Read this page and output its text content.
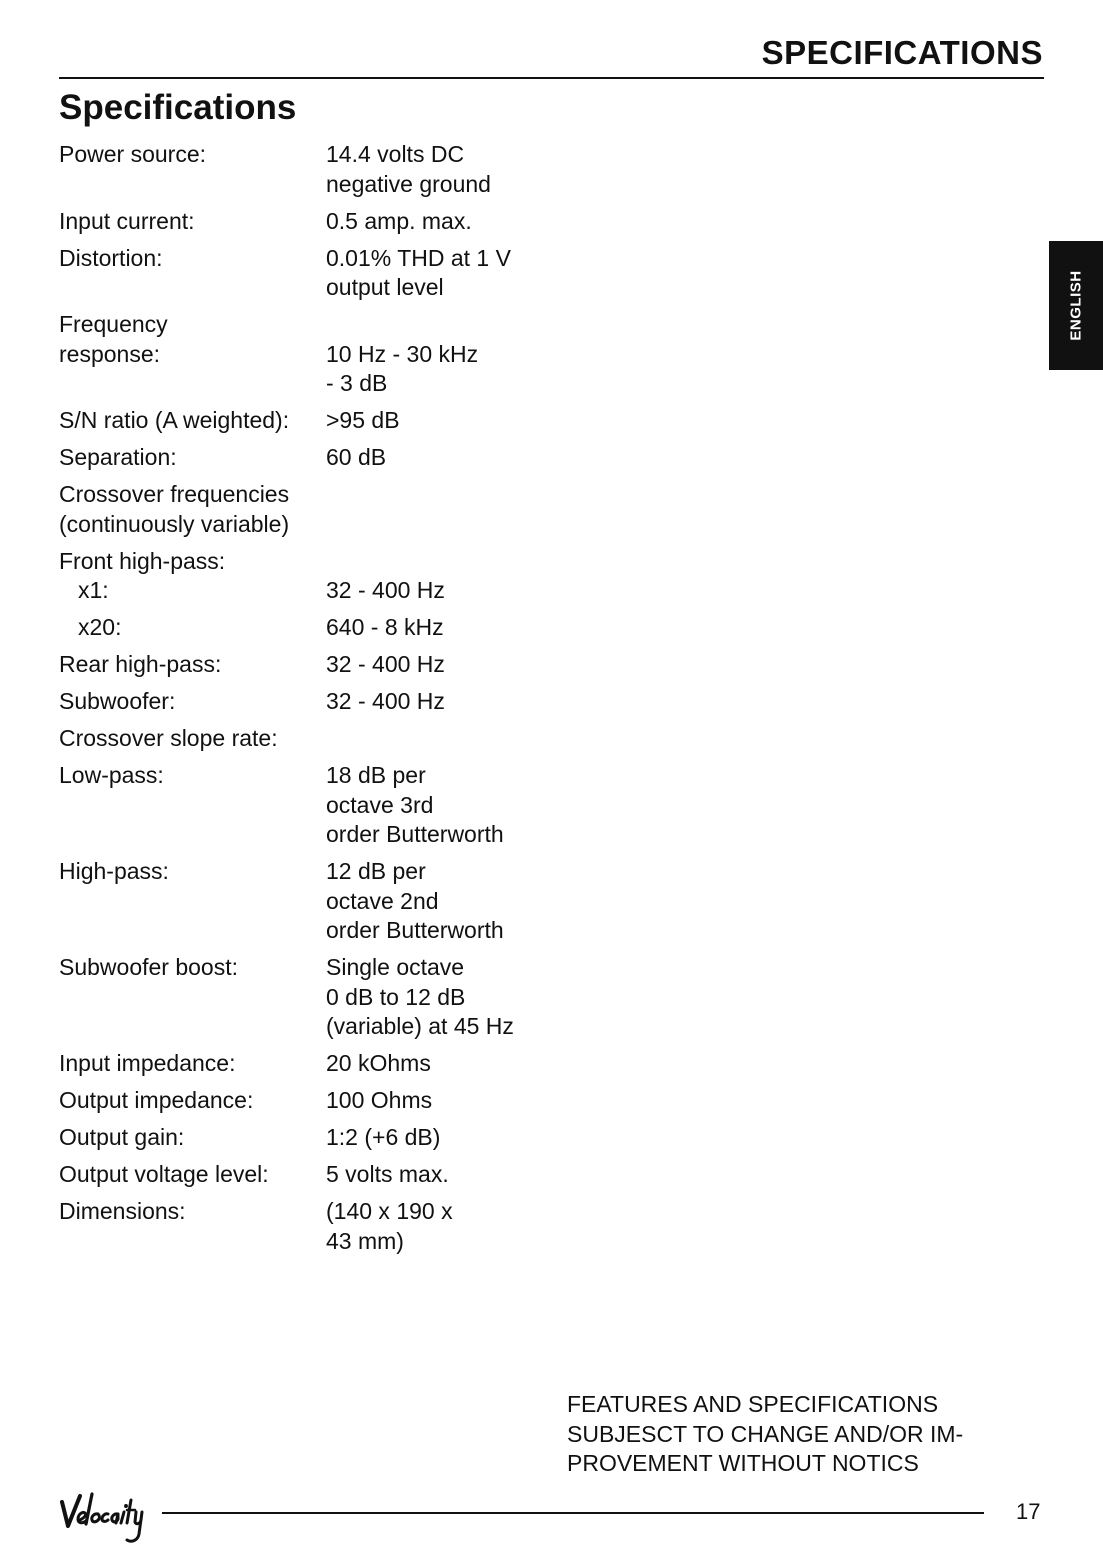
SPECIFICATIONS
Specifications
ENGLISH
Power source:	14.4 volts DC
negative ground
Input current:	0.5 amp. max.
Distortion:	0.01% THD at 1 V
output level
Frequency
response:
	10 Hz - 30 kHz
- 3 dB
S/N ratio (A weighted):	>95 dB
Separation:	60 dB
Crossover frequencies
(continuously variable)
Front high-pass:
x1:	32 - 400 Hz
x20:	640 - 8 kHz
Rear high-pass:	32 - 400 Hz
Subwoofer:	32 - 400 Hz
Crossover slope rate:
Low-pass:	18 dB per
octave 3rd
order Butterworth
High-pass:	12 dB per
octave 2nd
order Butterworth
Subwoofer boost:	Single octave
0 dB to 12 dB
(variable) at 45 Hz
Input impedance:	20 kOhms
Output impedance:	100 Ohms
Output gain:	1:2 (+6 dB)
Output voltage level:	5 volts max.
Dimensions:	(140 x 190 x
43 mm)
FEATURES AND SPECIFICATIONS
SUBJESCT TO CHANGE AND/OR IM-
PROVEMENT WITHOUT NOTICS
17
